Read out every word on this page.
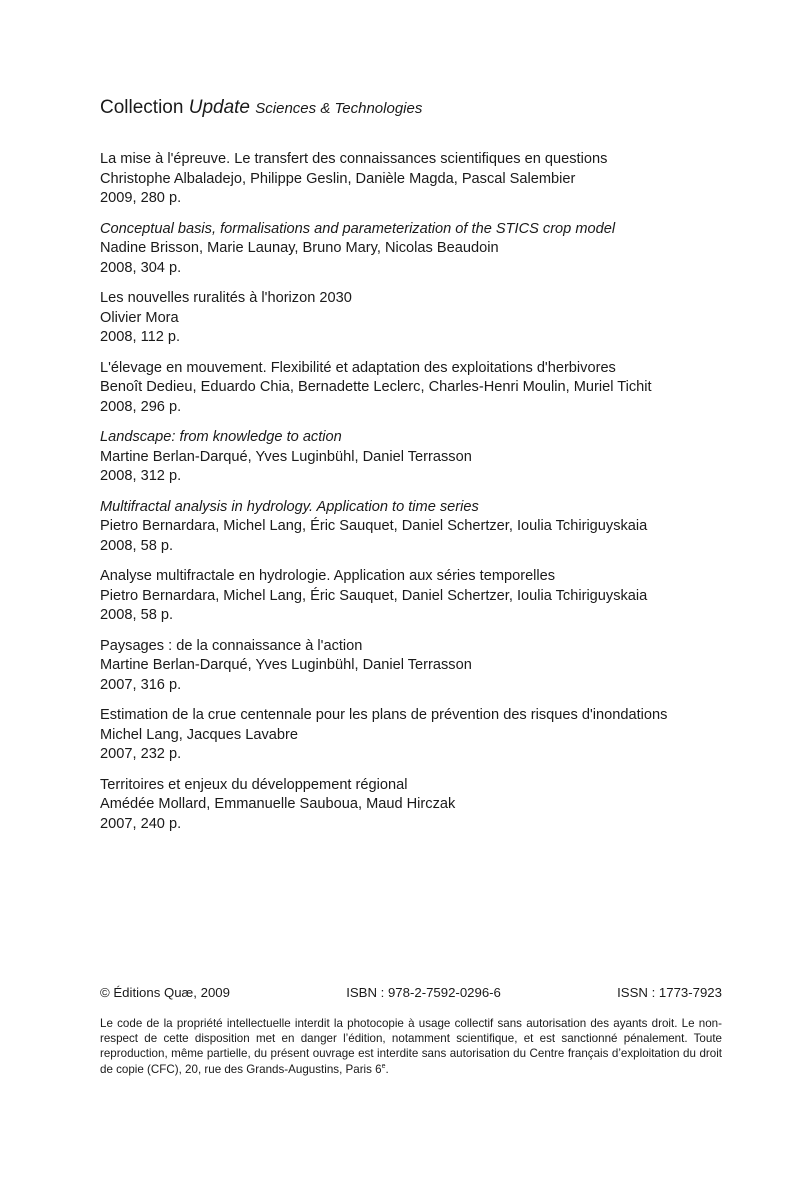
Collection Update Sciences & Technologies
La mise à l'épreuve. Le transfert des connaissances scientifiques en questions
Christophe Albaladejo, Philippe Geslin, Danièle Magda, Pascal Salembier
2009, 280 p.
Conceptual basis, formalisations and parameterization of the STICS crop model
Nadine Brisson, Marie Launay, Bruno Mary, Nicolas Beaudoin
2008, 304 p.
Les nouvelles ruralités à l'horizon 2030
Olivier Mora
2008, 112 p.
L'élevage en mouvement. Flexibilité et adaptation des exploitations d'herbivores
Benoît Dedieu, Eduardo Chia, Bernadette Leclerc, Charles-Henri Moulin, Muriel Tichit
2008, 296 p.
Landscape: from knowledge to action
Martine Berlan-Darqué, Yves Luginbühl, Daniel Terrasson
2008, 312 p.
Multifractal analysis in hydrology. Application to time series
Pietro Bernardara, Michel Lang, Éric Sauquet, Daniel Schertzer, Ioulia Tchiriguyskaia
2008, 58 p.
Analyse multifractale en hydrologie. Application aux séries temporelles
Pietro Bernardara, Michel Lang, Éric Sauquet, Daniel Schertzer, Ioulia Tchiriguyskaia
2008, 58 p.
Paysages : de la connaissance à l'action
Martine Berlan-Darqué, Yves Luginbühl, Daniel Terrasson
2007, 316 p.
Estimation de la crue centennale pour les plans de prévention des risques d'inondations
Michel Lang, Jacques Lavabre
2007, 232 p.
Territoires et enjeux du développement régional
Amédée Mollard, Emmanuelle Sauboua, Maud Hirczak
2007, 240 p.
© Éditions Quæ, 2009	ISBN : 978-2-7592-0296-6	ISSN : 1773-7923
Le code de la propriété intellectuelle interdit la photocopie à usage collectif sans autorisation des ayants droit. Le non-respect de cette disposition met en danger l’édition, notamment scientifique, et est sanctionné pénalement. Toute reproduction, même partielle, du présent ouvrage est interdite sans autorisation du Centre français d’exploitation du droit de copie (CFC), 20, rue des Grands-Augustins, Paris 6e.
